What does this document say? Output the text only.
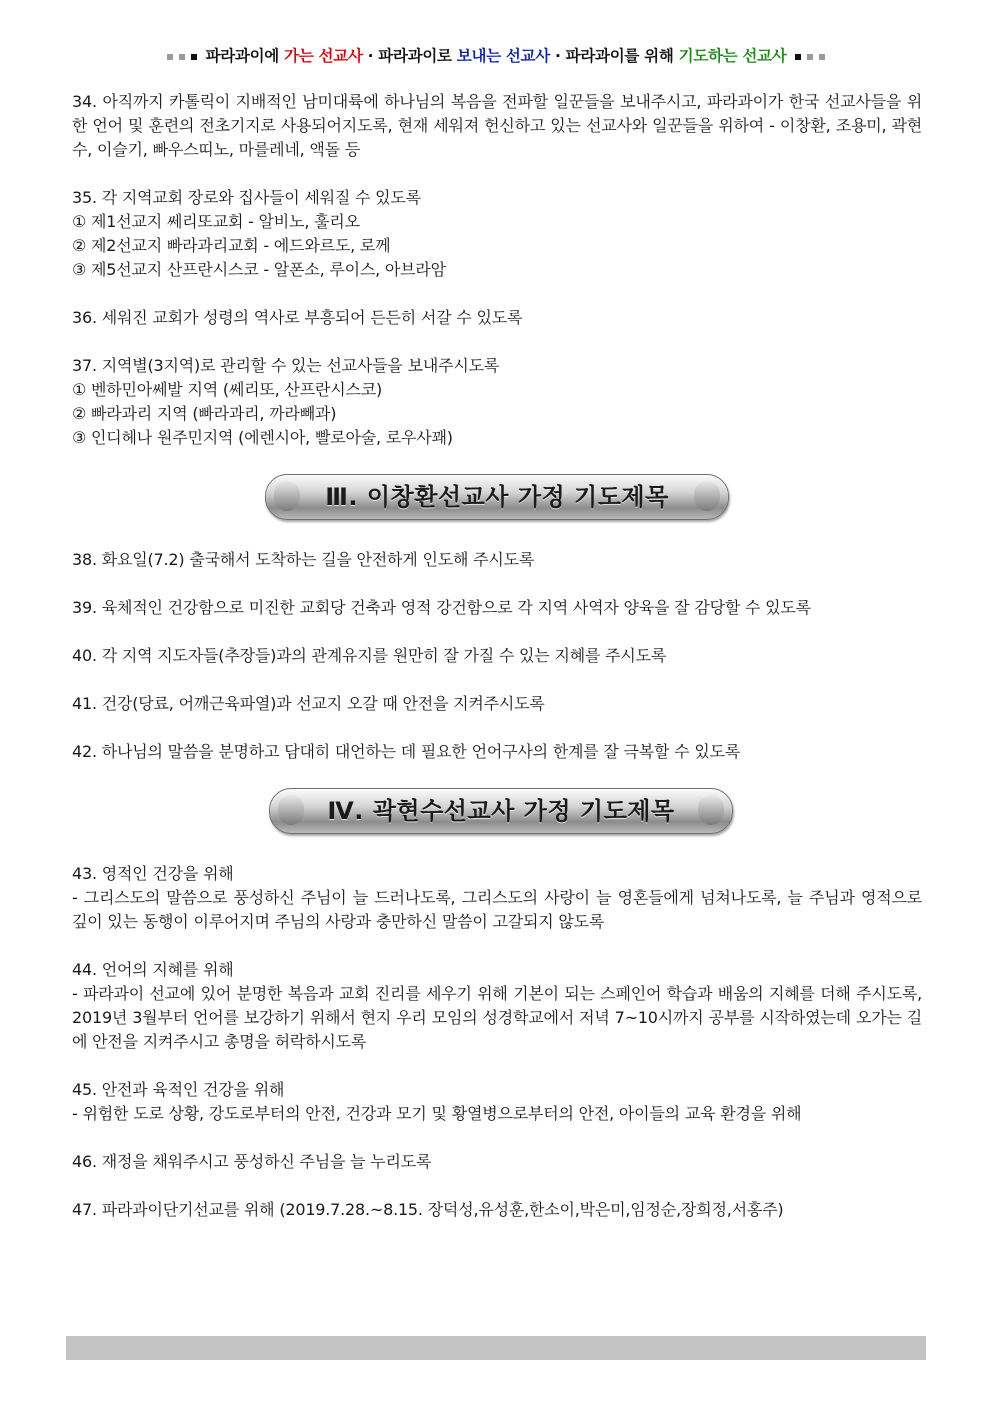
파라과이에 가는 선교사 · 파라과이로 보내는 선교사 · 파라과이를 위해 기도하는 선교사
34. 아직까지 카톨릭이 지배적인 남미대륙에 하나님의 복음을 전파할 일꾼들을 보내주시고, 파라과이가 한국 선교사들을 위한 언어 및 훈련의 전초기지로 사용되어지도록, 현재 세워져 헌신하고 있는 선교사와 일꾼들을 위하여 - 이창환, 조용미, 곽현수, 이슬기, 빠우스띠노, 마를레네, 액돌 등
35. 각 지역교회 장로와 집사들이 세워질 수 있도록
① 제1선교지 쎄리또교회 - 알비노, 훌리오
② 제2선교지 빠라과리교회 - 에드와르도, 로께
③ 제5선교지 산프란시스코 - 알폰소, 루이스, 아브라암
36. 세워진 교회가 성령의 역사로 부흥되어 든든히 서갈 수 있도록
37. 지역별(3지역)로 관리할 수 있는 선교사들을 보내주시도록
① 벤하민아쎄발 지역 (쎄리또, 산프란시스코)
② 빠라과리 지역 (빠라과리, 까라빼과)
③ 인디헤나 원주민지역 (에렌시아, 빨로아술, 로우사꽤)
Ⅲ. 이창환선교사 가정 기도제목
38. 화요일(7.2) 출국해서 도착하는 길을 안전하게 인도해 주시도록
39. 육체적인 건강함으로 미진한 교회당 건축과 영적 강건함으로 각 지역 사역자 양육을 잘 감당할 수 있도록
40. 각 지역 지도자들(추장들)과의 관계유지를 원만히 잘 가질 수 있는 지혜를 주시도록
41. 건강(당료, 어깨근육파열)과 선교지 오갈 때 안전을 지켜주시도록
42. 하나님의 말씀을 분명하고 담대히 대언하는 데 필요한 언어구사의 한계를 잘 극복할 수 있도록
Ⅳ. 곽현수선교사 가정 기도제목
43. 영적인 건강을 위해
- 그리스도의 말씀으로 풍성하신 주님이 늘 드러나도록, 그리스도의 사랑이 늘 영혼들에게 넘쳐나도록, 늘 주님과 영적으로 깊이 있는 동행이 이루어지며 주님의 사랑과 충만하신 말씀이 고갈되지 않도록
44. 언어의 지혜를 위해
- 파라과이 선교에 있어 분명한 복음과 교회 진리를 세우기 위해 기본이 되는 스페인어 학습과 배움의 지혜를 더해 주시도록, 2019년 3월부터 언어를 보강하기 위해서 현지 우리 모임의 성경학교에서 저녁 7~10시까지 공부를 시작하였는데 오가는 길에 안전을 지켜주시고 총명을 허락하시도록
45. 안전과 육적인 건강을 위해
- 위험한 도로 상황, 강도로부터의 안전, 건강과 모기 및 황열병으로부터의 안전, 아이들의 교육 환경을 위해
46. 재정을 채워주시고 풍성하신 주님을 늘 누리도록
47. 파라과이단기선교를 위해 (2019.7.28.~8.15. 장덕성,유성훈,한소이,박은미,임정순,장희정,서홍주)
